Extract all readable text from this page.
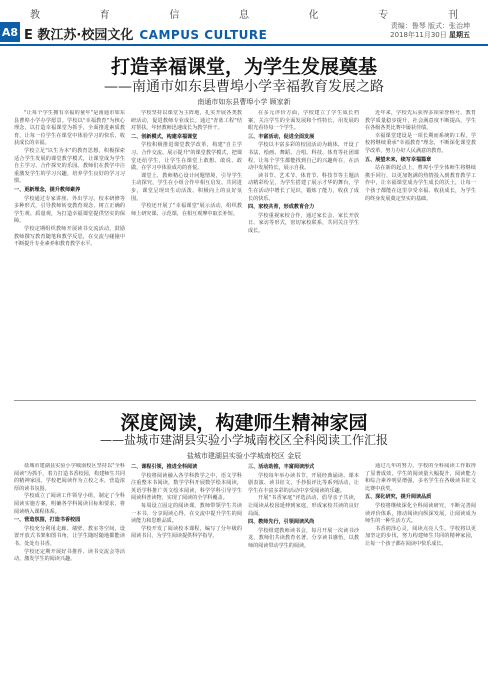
教	育	信	息	化	专	刊
A8 E 教江苏·校园文化 CAMPUS CULTURE
责编：鲁琴 版式：张治坤
2018年11月30日 星期五
打造幸福课堂，为学生发展奠基
——南通市如东县曹埠小学幸福教育发展之路
南通市如东县曹埠小学 顾家新

"让每个学生拥有幸福的童年"是南通市如东县曹埠小学办学愿景。学校以"幸福教育"为核心理念，以打造幸福课堂为抓手，全面推进素质教育，让每一位学生在课堂中体验学习的快乐，收获成长的幸福。

学校立足"以生为本"的教育思想，积极探索适合学生发展的课堂教学模式，让课堂成为学生自主学习、合作探究的乐园。教师们在教学中注重激发学生的学习兴趣，培养学生良好的学习习惯。

一、更新理念，提升教师素养

学校通过专家讲座、外出学习、校本研修等多种形式，引导教师转变教育观念，树立正确的学生观、质量观，为打造幸福课堂提供坚实的保障。

学校定期组织教师开展读书交流活动，鼓励教师撰写教育随笔和教学反思，在交流与碰撞中不断提升专业素养和教育教学水平。

学校坚持以课堂为主阵地，扎实开展各类教研活动，促进教师专业成长。通过"青蓝工程"结对帮扶，年轻教师迅速成长为教学骨干。

二、创新模式，构建幸福课堂

学校积极推进课堂教学改革，构建"自主学习、合作交流、展示提升"的课堂教学模式，把课堂还给学生，让学生在课堂上敢想、敢说、敢做，在学习中体验成功的喜悦。

课堂上，教师精心设计问题情境，引导学生主动探究，学生在小组合作中相互启发、共同进步，课堂呈现出生动活泼、积极向上的良好氛围。

学校还开展了"幸福课堂"展示活动，组织教师上研究课、示范课，在相互观摩中取长补短。

在多元评价方面，学校建立了学生成长档案，关注学生的全面发展和个性特长，用发展的眼光看待每一个学生。

三、丰富活动，促进全面发展

学校以丰富多彩的校园活动为载体，开设了书法、绘画、舞蹈、合唱、科技、体育等社团课程，让每个学生都能找到自己的兴趣所在，在活动中发展特长，展示自我。

读书节、艺术节、体育节、科技节等主题活动精彩纷呈，为学生搭建了展示才华的舞台，学生在活动中增长了见识，锻炼了能力，收获了成长的快乐。

四、家校共育，形成教育合力

学校重视家校合作，通过家长会、家长开放日、家访等形式，密切家校联系，共同关注学生成长。

近年来，学校先后获得多项荣誉称号，教育教学质量稳步提升，社会满意度不断提高，学生在各级各类比赛中屡获佳绩。

幸福课堂建设是一项长期而系统的工程。学校将继续秉承"幸福教育"理念，不断深化课堂教学改革，努力办好人民满意的教育。

五、展望未来，续写幸福篇章

站在新的起点上，曹埠小学全体师生将继续携手同行，以更加饱满的热情投入到教育教学工作中，让幸福课堂成为学生成长的沃土，让每一个孩子都能在这里享受幸福、收获成长，为学生的终身发展奠定坚实的基础。

深度阅读，构建师生精神家园
——盐城市建湖县实验小学城南校区全科阅读工作汇报
盐城市建湖县实验小学城南校区 金辰

盐城市建湖县实验小学城南校区坚持以"全科阅读"为抓手，着力打造书香校园，构建师生共同的精神家园。学校把阅读作为立校之本，营造浓厚的读书氛围。

学校成立了阅读工作领导小组，制定了全科阅读实施方案，明确各学科阅读目标和要求，将阅读纳入课程体系。

一、营造氛围，打造书香校园

学校充分利用走廊、墙壁、教室等空间，设置开放式书架和图书角，让学生随时随地都能读书，处处有书香。

学校还定期开展好书推荐、读书交流会等活动，激发学生的阅读兴趣。

二、课程引领，推进全科阅读

学校将阅读融入各学科教学之中，语文学科注重整本书阅读，数学学科开展数学绘本阅读，英语学科推广英文绘本阅读，科学学科引导学生阅读科普读物，实现了阅读的全学科覆盖。

每周设立固定的阅读课，教师带领学生共读一本书，分享阅读心得，在交流中提升学生的阅读能力和思维品质。

学校开发了阅读校本课程，编写了分年级的阅读书目，为学生阅读提供科学指导。

三、活动助推，丰富阅读形式

学校每年举办读书节，开展经典诵读、课本剧表演、读书征文、手抄报评比等系列活动，让学生在丰富多彩的活动中享受阅读的乐趣。

开展"书香家庭"评选活动，倡导亲子共读，让阅读从校园延伸到家庭，形成家校共读的良好局面。

四、教师先行，引领阅读风尚

学校组建教师读书会，每月开展一次读书沙龙，教师们共读教育名著，分享读书感悟，以教师的阅读带动学生的阅读。

通过几年的努力，学校的全科阅读工作取得了显著成效，学生的阅读量大幅提升，阅读能力和综合素养明显增强，多名学生在各级读书征文比赛中获奖。

五、深化研究，提升阅读品质

学校将继续深化全科阅读研究，不断完善阅读评价体系，推动阅读向纵深发展，让阅读成为师生的一种生活方式。

书香润泽心灵，阅读点亮人生。学校将以更加坚定的步伐，努力构建师生共同的精神家园，让每一个孩子都在阅读中快乐成长。
